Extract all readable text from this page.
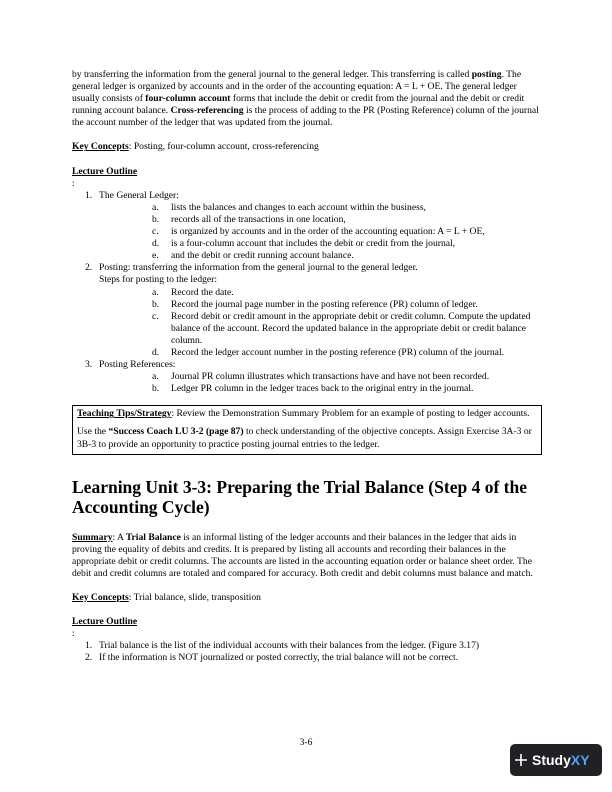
by transferring the information from the general journal to the general ledger. This transferring is called posting. The general ledger is organized by accounts and in the order of the accounting equation: A = L + OE. The general ledger usually consists of four-column account forms that include the debit or credit from the journal and the debit or credit running account balance. Cross-referencing is the process of adding to the PR (Posting Reference) column of the journal the account number of the ledger that was updated from the journal.

Key Concepts: Posting, four-column account, cross-referencing

Lecture Outline

:
1. The General Ledger:
a. lists the balances and changes to each account within the business,
b. records all of the transactions in one location,
c. is organized by accounts and in the order of the accounting equation: A = L + OE,
d. is a four-column account that includes the debit or credit from the journal,
e. and the debit or credit running account balance.
2. Posting: transferring the information from the general journal to the general ledger.

Steps for posting to the ledger:

a. Record the date.
b. Record the journal page number in the posting reference (PR) column of ledger.
c. Record debit or credit amount in the appropriate debit or credit column. Compute the updated balance of the account. Record the updated balance in the appropriate debit or credit balance column.
d. Record the ledger account number in the posting reference (PR) column of the journal.
3. Posting References:
a. Journal PR column illustrates which transactions have and have not been recorded.
b. Ledger PR column in the ledger traces back to the original entry in the journal.

Teaching Tips/Strategy: Review the Demonstration Summary Problem for an example of posting to ledger accounts.

Use the “Success Coach LU 3-2 (page 87) to check understanding of the objective concepts. Assign Exercise 3A-3 or 3B-3 to provide an opportunity to practice posting journal entries to the ledger.

Learning Unit 3-3: Preparing the Trial Balance (Step 4 of the Accounting Cycle)

Summary: A Trial Balance is an informal listing of the ledger accounts and their balances in the ledger that aids in proving the equality of debits and credits. It is prepared by listing all accounts and recording their balances in the appropriate debit or credit columns. The accounts are listed in the accounting equation order or balance sheet order. The debit and credit columns are totaled and compared for accuracy. Both credit and debit columns must balance and match.

Key Concepts: Trial balance, slide, transposition

Lecture Outline

:
1. Trial balance is the list of the individual accounts with their balances from the ledger. (Figure 3.17)
2. If the information is NOT journalized or posted correctly, the trial balance will not be correct.
3-6
Study XY
